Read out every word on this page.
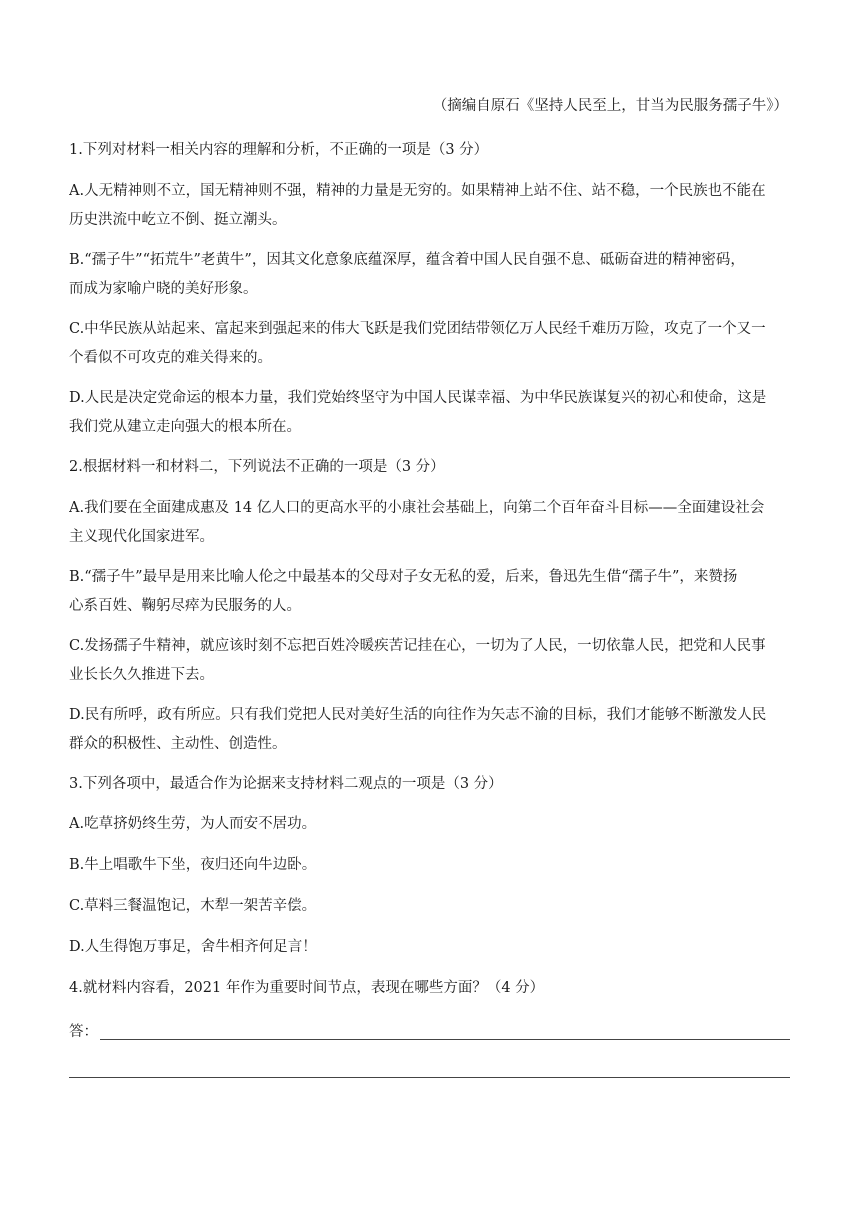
（摘编自原石《坚持人民至上，甘当为民服务孺子牛》）
1.下列对材料一相关内容的理解和分析，不正确的一项是（3 分）
A.人无精神则不立，国无精神则不强，精神的力量是无穷的。如果精神上站不住、站不稳，一个民族也不能在
历史洪流中屹立不倒、挺立潮头。
B.“孺子牛”“拓荒牛”老黄牛”，因其文化意象底蕴深厚，蕴含着中国人民自强不息、砥砺奋进的精神密码，
而成为家喻户晓的美好形象。
C.中华民族从站起来、富起来到强起来的伟大飞跃是我们党团结带领亿万人民经千难历万险，攻克了一个又一
个看似不可攻克的难关得来的。
D.人民是决定党命运的根本力量，我们党始终坚守为中国人民谋幸福、为中华民族谋复兴的初心和使命，这是
我们党从建立走向强大的根本所在。
2.根据材料一和材料二，下列说法不正确的一项是（3 分）
A.我们要在全面建成惠及 14 亿人口的更高水平的小康社会基础上，向第二个百年奋斗目标——全面建设社会
主义现代化国家进军。
B.“孺子牛”最早是用来比喻人伦之中最基本的父母对子女无私的爱，后来，鲁迅先生借“孺子牛”，来赞扬
心系百姓、鞠躬尽瘁为民服务的人。
C.发扬孺子牛精神，就应该时刻不忘把百姓冷暖疾苦记挂在心，一切为了人民，一切依靠人民，把党和人民事
业长长久久推进下去。
D.民有所呼，政有所应。只有我们党把人民对美好生活的向往作为矢志不渝的目标，我们才能够不断激发人民
群众的积极性、主动性、创造性。
3.下列各项中，最适合作为论据来支持材料二观点的一项是（3 分）
A.吃草挤奶终生劳，为人而安不居功。
B.牛上唱歌牛下坐，夜归还向牛边卧。
C.草料三餐温饱记，木犁一架苦辛偿。
D.人生得饱万事足，舍牛相齐何足言！
4.就材料内容看，2021 年作为重要时间节点，表现在哪些方面？（4 分）
答：
